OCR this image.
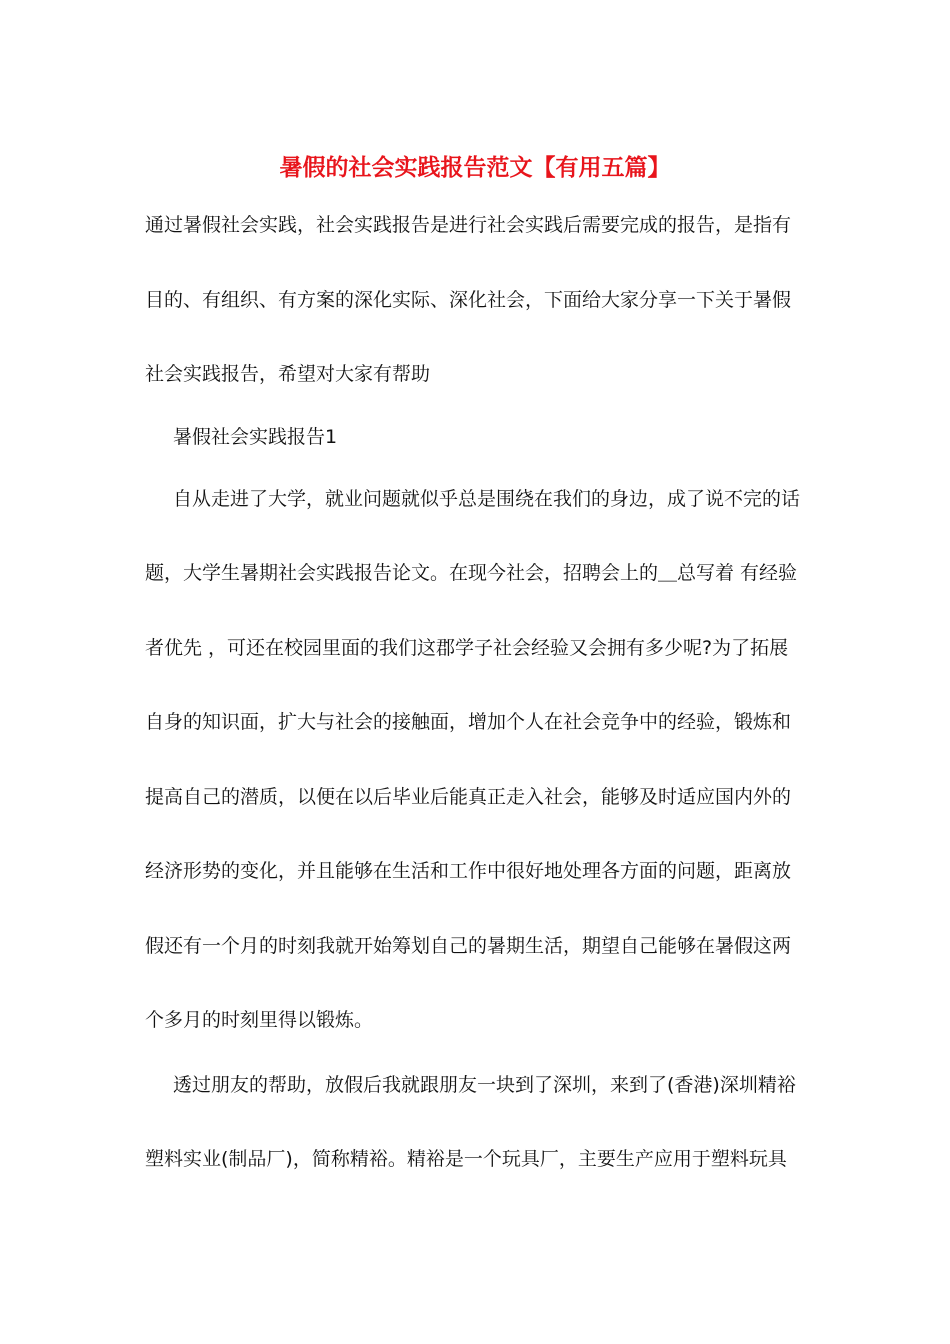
暑假的社会实践报告范文【有用五篇】
通过暑假社会实践，社会实践报告是进行社会实践后需要完成的报告，是指有
目的、有组织、有方案的深化实际、深化社会，下面给大家分享一下关于暑假
社会实践报告，希望对大家有帮助
暑假社会实践报告1
自从走进了大学，就业问题就似乎总是围绕在我们的身边，成了说不完的话
题，大学生暑期社会实践报告论文。在现今社会，招聘会上的＿总写着 有经验
者优先 ，可还在校园里面的我们这郡学子社会经验又会拥有多少呢?为了拓展
自身的知识面，扩大与社会的接触面，增加个人在社会竞争中的经验，锻炼和
提高自己的潜质，以便在以后毕业后能真正走入社会，能够及时适应国内外的
经济形势的变化，并且能够在生活和工作中很好地处理各方面的问题，距离放
假还有一个月的时刻我就开始筹划自己的暑期生活，期望自己能够在暑假这两
个多月的时刻里得以锻炼。
透过朋友的帮助，放假后我就跟朋友一块到了深圳，来到了(香港)深圳精裕
塑料实业(制品厂)，简称精裕。精裕是一个玩具厂，主要生产应用于塑料玩具
